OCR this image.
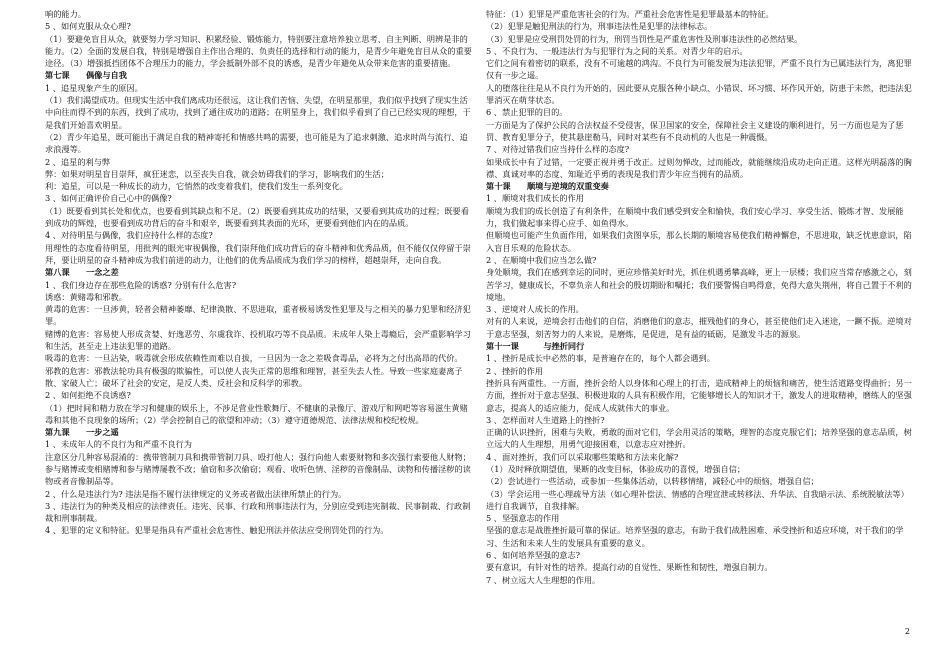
响的能力。

5 、如何克服从众心理?

（1）要避免盲目从众，就要努力学习知识、积累经验、锻炼能力，特别要注意培养独立思考、自主判断、明辨是非的能力。（2）全面的发展自我，特别是增强自主作出合理的、负责任的选择和行动的能力，是青少年避免盲目从众的重要途径。（3）增强抵挡团体不合理压力的能力，学会抵制外部不良的诱惑，是青少年避免从众带来危害的重要措施。

第七课　　偶像与自我

1 、追星现象产生的原因。

（1）我们渴望成功。但现实生活中我们离成功还很远，这让我们苦恼、失望，在明星那里，我们似乎找到了现实生活中向往而得不到的东西，找到了成功，找到了通往成功的道路；在明星身上，我们似乎看到了自己已经实现的理想，于是我们开始喜欢明星。

（2）青少年追星，既可能出于满足自我的精神寄托和情感共鸣的需要，也可能是为了追求刺激、追求时尚与流行、追求浪漫等。

2 、追星的利与弊

弊：如果对明星盲目崇拜，疯狂迷恋，以至丧失自我，就会妨碍我们的学习，影响我们的生活；

利：追星，可以是一种成长的动力，它悄然的改变着我们，使我们发生一系列变化。

3 、如何正确评价自己心中的偶像?

（1）既要看到其长处和优点，也要看到其缺点和不足。（2）既要看到其成功的结果，又要看到其成功的过程；既要看到成功的辉煌，也要看到成功背后的奋斗和艰辛，既要看到其表面的光环，更要看到他们内在的品质。

4 、对待明星与偶像，我们应持什么样的态度?

用理性的态度看待明星，用批判的眼光审视偶像，我们崇拜他们成功背后的奋斗精神和优秀品质，但不能仅仅停留于崇拜，要让明星的奋斗精神成为我们前进的动力，让他们的优秀品质成为我们学习的榜样，超越崇拜，走向自我。

第八课　　一念之差

1 、我们身边存在那些危险的诱惑? 分别有什么危害?

诱惑：黄赌毒和邪教。

黄毒的危害：一旦涉黄，轻者会精神萎靡、纪律涣散、不思进取，重者极易诱发性犯罪及与之相关的暴力犯罪和经济犯罪。

赌博的危害：容易使人形成贪婪、好逸恶劳、尔虞我诈、投机取巧等不良品质。未成年人染上毒瘾后，会严重影响学习和生活，甚至走上违法犯罪的道路。

吸毒的危害：一旦沾染，吸毒就会形成依赖性而难以自拔，一旦因为一念之差吸食毒品，必将为之付出高昂的代价。

邪教的危害：邪教法轮功具有极强的欺骗性，可以使人丧失正常的思维和理智，甚至失去人性。导致一些家庭妻离子散、家破人亡；破坏了社会的安定，是反人类、反社会和反科学的邪教。

2 、如何拒绝不良诱惑?

（1）把时间和精力放在学习和健康的娱乐上，不涉足营业性歌舞厅、不健康的录像厅、游戏厅和网吧等容易滋生黄赌毒和其他不良现象的场所；（2）学会控制自己的欲望和冲动；（3）遵守道德规范、法律法规和校纪校规。

第九课　　一步之遥

1 、未成年人的不良行为和严重不良行为

注意区分几种容易混淆的：携带管制刀具和携带管制刀具、殴打他人；强行向他人索要财物和多次强行索要他人财物；参与赌博或变相赌博和参与赌博屡教不改；偷窃和多次偷窃；观看、收听色情、淫秽的音像制品、读物和传播淫秽的读物或者音像制品等。

2 、什么是违法行为? 违法是指不履行法律规定的义务或者做出法律所禁止的行为。

3 、违法行为的种类及相应的法律责任。违宪、民事、行政和刑事违法行为，分别应受到违宪制裁、民事制裁、行政制裁和刑事制裁。

4 、犯罪的定义和特征。犯罪是指具有严重社会危害性、触犯刑法并依法应受刑罚处罚的行为。

特征：（1）犯罪是严重危害社会的行为。严重社会危害性是犯罪最基本的特征。

（2）犯罪是触犯刑法的行为，刑事违法性是犯罪的法律标志。

（3）犯罪是应受刑罚处罚的行为，刑罚当罚性是严重危害性及刑事违法性的必然结果。

5 、不良行为、一般违法行为与犯罪行为之间的关系。对青少年的启示。

它们之间有着密切的联系，没有不可逾越的鸿沟。不良行为可能发展为违法犯罪，严重不良行为已属违法行为，离犯罪仅有一步之遥。

人的堕落往往是从不良行为开始的，因此要从克服各种小缺点、小错误、坏习惯、坏作风开始，防患于未然，把违法犯罪消灭在萌芽状态。

6 、禁止犯罪的目的。

一方面是为了保护公民的合法权益不受侵害，保卫国家的安全，保障社会主义建设的顺利进行，另一方面也是为了惩罚、教育犯罪分子，使其悬崖勒马，同时对某些有不良动机的人也是一种震慑。

7 、对待过错我们应当持什么样的态度?

如果成长中有了过错，一定要正视并勇于改正。过则勿惮改，过而能改，就能继续沿成功走向正道。这样光明磊落的胸襟、真诚对率的态度、知耻近乎勇的表现是我们青少年应当拥有的品质。

第十课　　顺境与逆境的双重变奏

1 、顺境对我们成长的作用

顺境为我们的成长创造了有利条件，在顺境中我们感受到安全和愉快，我们安心学习、享受生活、锻炼才智、发展能力，我们做起事来得心应手、如鱼得水。

但顺境也可能产生负面作用，如果我们贪图享乐，那么长期的顺境容易使我们精神懈怠，不思进取，缺乏忧患意识，陷入盲目乐观的危险状态。

2 、在顺境中我们应当怎么做?

身处顺境，我们在感到幸运的同时，更应珍惜美好时光，抓住机遇勇攀高峰，更上一层楼；我们应当常存感激之心，刻苦学习，健康成长，不辜负亲人和社会的殷切期盼和嘱托；我们要警惕自鸣得意，免得大意失荆州，将自己置于不利的境地。

3 、逆境对人成长的作用。

对有的人来说，逆境会打击他们的自信，消磨他们的意志，摧残他们的身心，甚至使他们走入迷途，一蹶不振。逆境对于意志坚强，刻苦努力的人来说，是磨炼，是促进，是有益的砥砺，是激发斗志的源泉。

第十一课　　　与挫折同行

1 、挫折是成长中必然的事，是普遍存在的，每个人都会遇到。

2 、挫折的作用

挫折具有两重性。一方面，挫折会给人以身体和心理上的打击，造成精神上的烦恼和痛苦，使生活道路变得曲折；另一方面，挫折对于意志坚强、积极进取的人具有积极作用，它能够增长人的知识才干，激发人的进取精神，磨练人的坚强意志，提高人的适应能力，促成人成就伟大的事业。

3 、怎样面对人生道路上的挫折?

正确的认识挫折，困难与失败，勇敢的面对它们，学会用灵活的策略，理智的态度克服它们；培养坚强的意志品质，树立远大的人生理想，用勇气迎接困难，以意志应对挫折。

4 、面对挫折，我们可以采取哪些策略和方法来化解?

（1）及时释放期望值，果断的改变目标，体验成功的喜悦，增强自信；

（2）尝试进行一些活动，或参加一些集体活动，以转移情绪，减轻心中的烦恼，增强自信；

（3）学会运用一些心理疏导方法（如心理补偿法、情感的合理宣泄或转移法、升华法、自我暗示法、系统脱敏法等）进行自我调节，自我排解。

5 、坚强意志的作用

坚强的意志是战胜挫折最可靠的保证。培养坚强的意志，有助于我们战胜困难、承受挫折和适应环境，对于我们的学习、生活和未来人生的发展具有重要的意义。

6 、如何培养坚强的意志?

要有意识，有针对性的培养。提高行动的自觉性、果断性和韧性，增强自制力。

7 、树立远大人生理想的作用。

2
